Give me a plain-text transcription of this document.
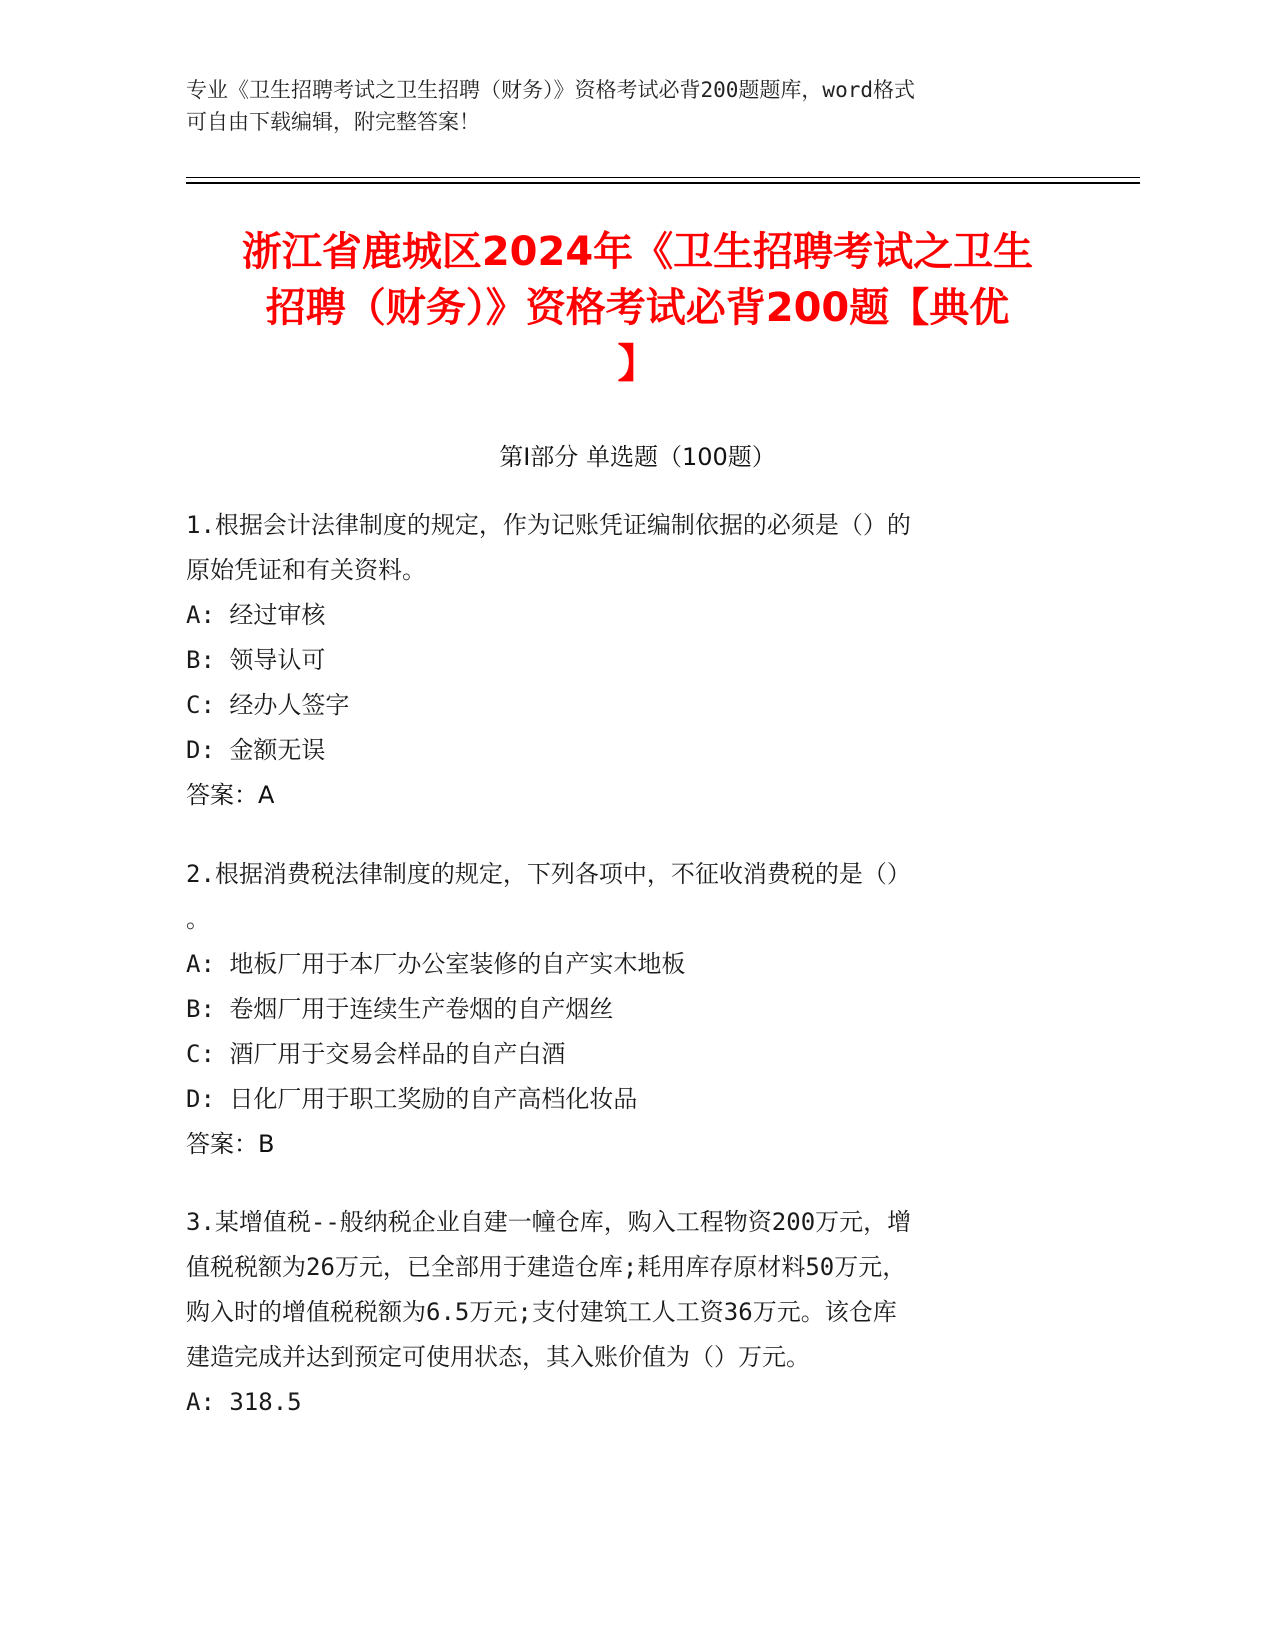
专业《卫生招聘考试之卫生招聘（财务）》资格考试必背200题题库，word格式
可自由下载编辑，附完整答案！
浙江省鹿城区2024年《卫生招聘考试之卫生
招聘（财务）》资格考试必背200题【典优
】
第Ⅰ部分 单选题（100题）
1.根据会计法律制度的规定，作为记账凭证编制依据的必须是（）的
原始凭证和有关资料。
A: 经过审核
B: 领导认可
C: 经办人签字
D: 金额无误
答案：A
2.根据消费税法律制度的规定，下列各项中，不征收消费税的是（）
。
A: 地板厂用于本厂办公室装修的自产实木地板
B: 卷烟厂用于连续生产卷烟的自产烟丝
C: 酒厂用于交易会样品的自产白酒
D: 日化厂用于职工奖励的自产高档化妆品
答案：B
3.某增值税--般纳税企业自建一幢仓库，购入工程物资200万元，增
值税税额为26万元，已全部用于建造仓库;耗用库存原材料50万元，
购入时的增值税税额为6.5万元;支付建筑工人工资36万元。该仓库
建造完成并达到预定可使用状态，其入账价值为（）万元。
A: 318.5
